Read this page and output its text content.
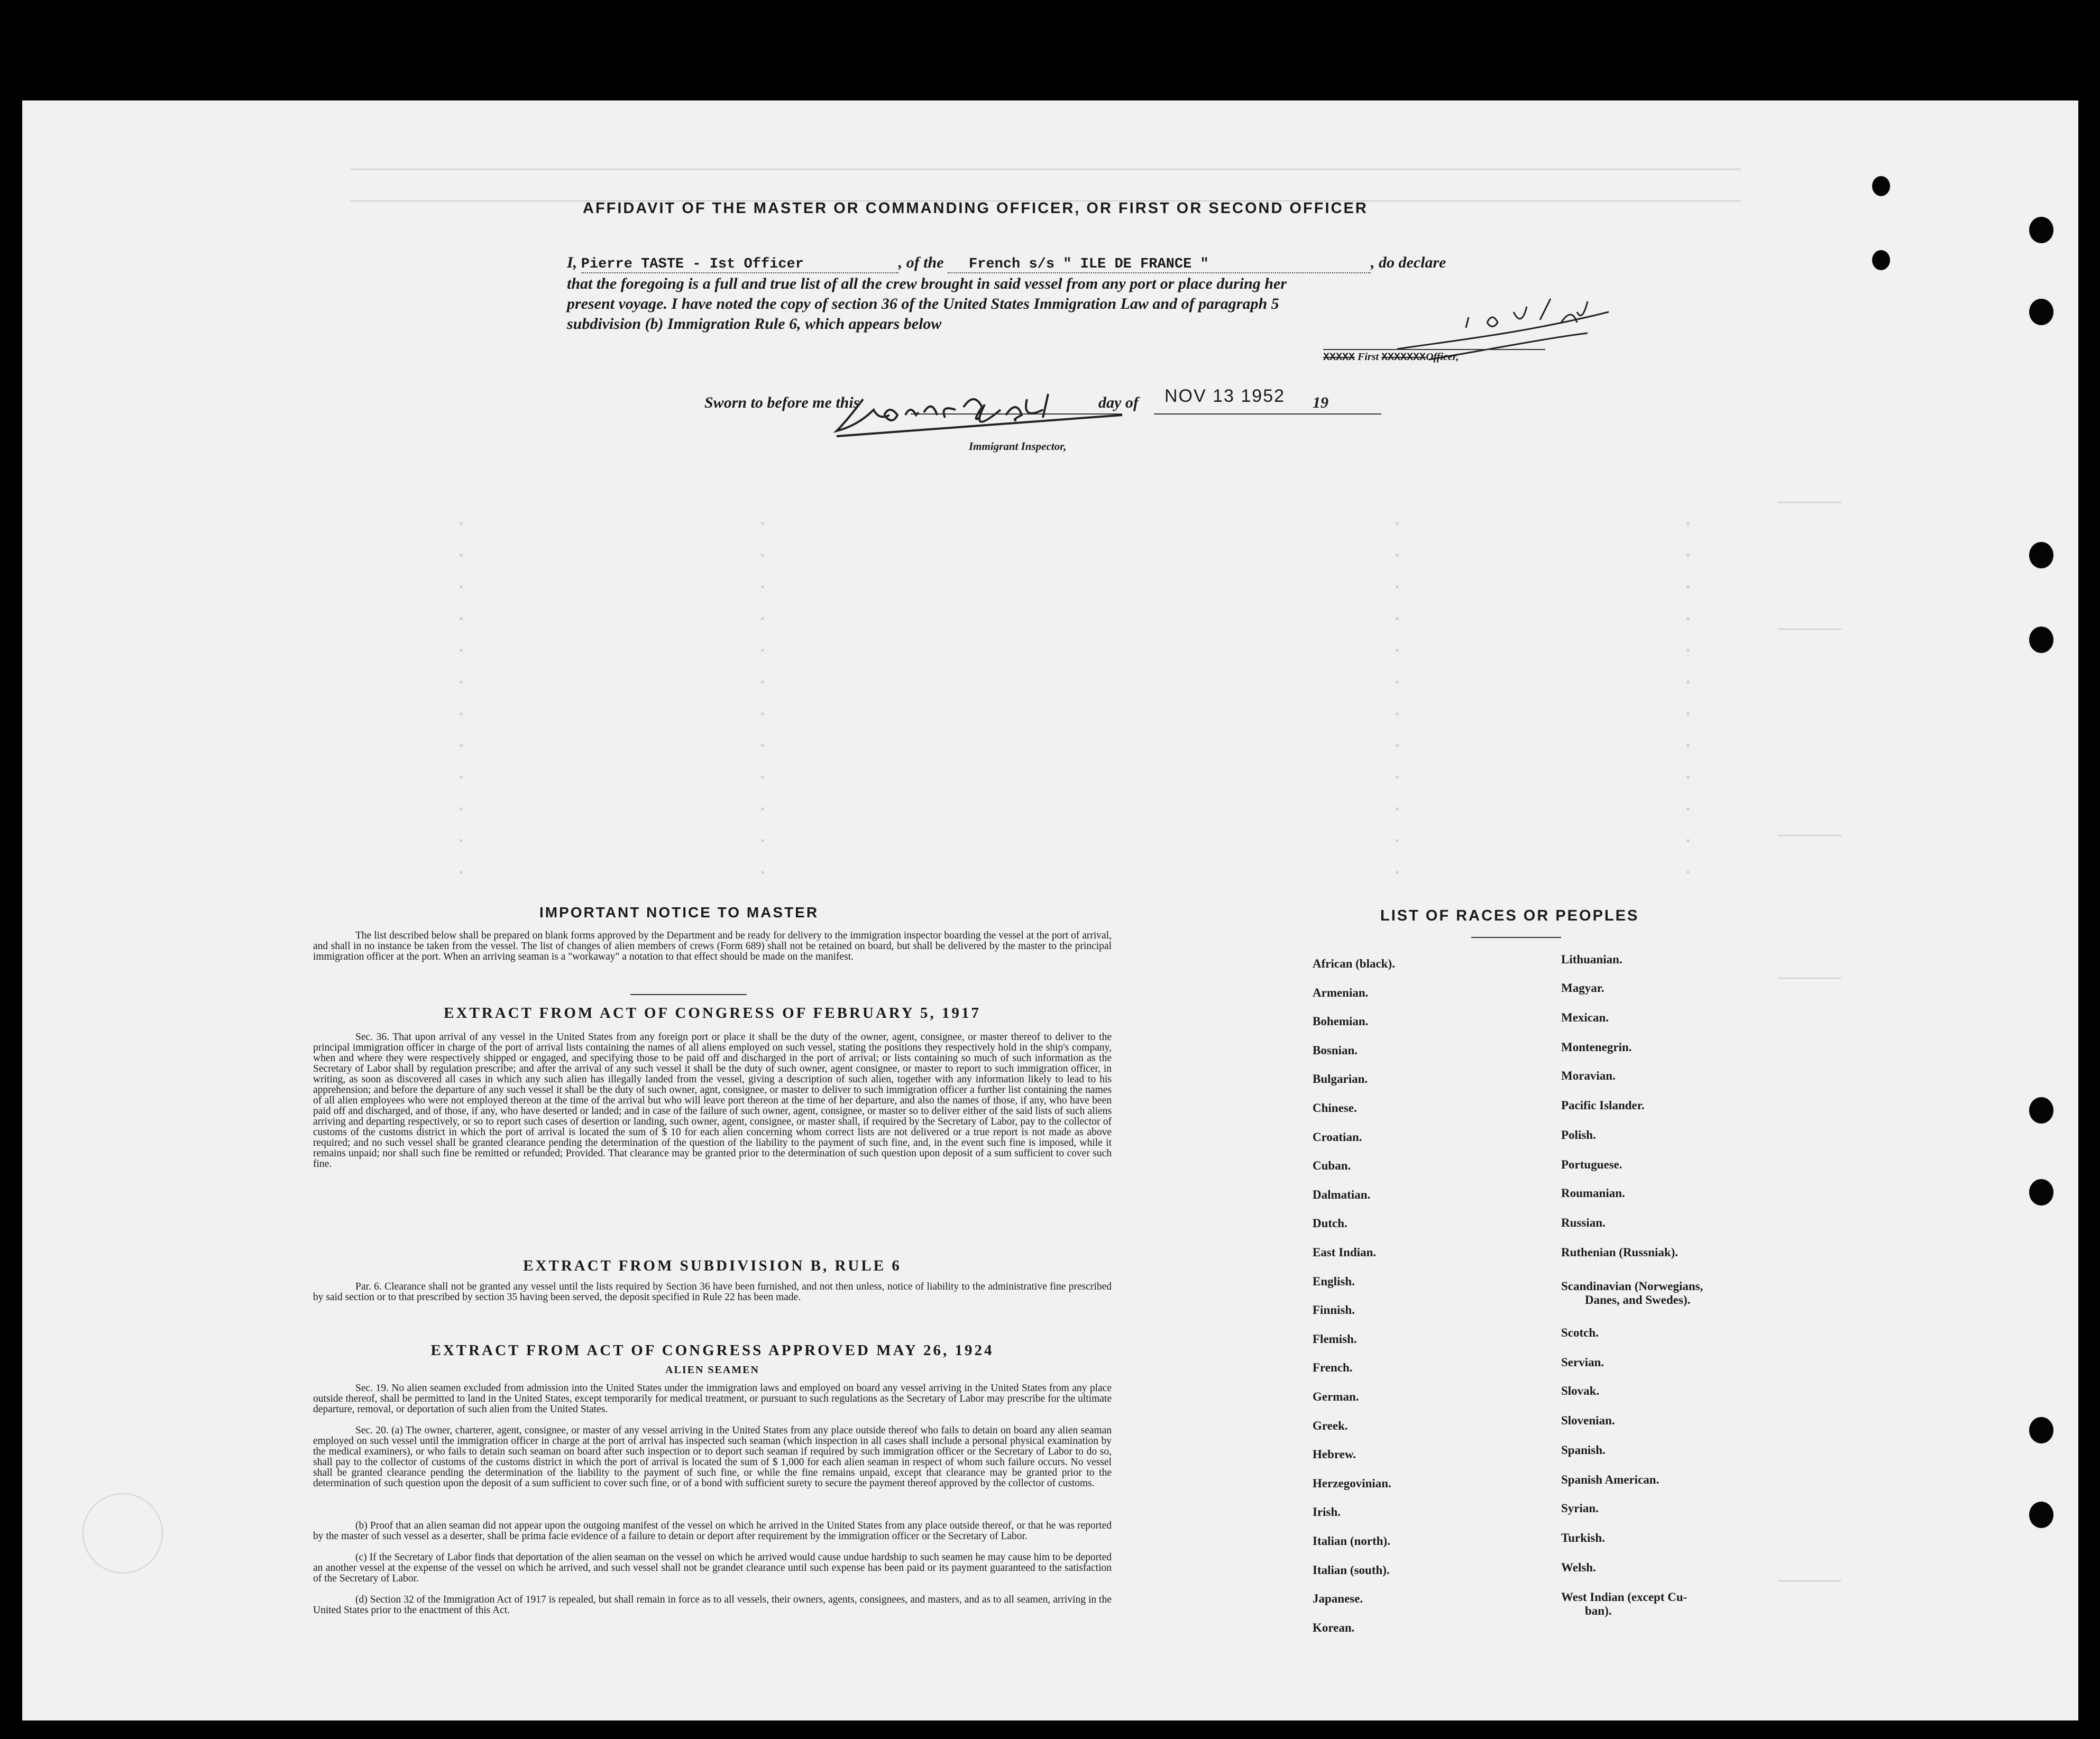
AFFIDAVIT OF THE MASTER OR COMMANDING OFFICER, OR FIRST OR SECOND OFFICER
I, Pierre TASTE - Ist Officer	, of the French s/s " ILE DE FRANCE "	, do declare
that the foregoing is a full and true list of all the crew brought in said vessel from any port or place during her
present voyage. I have noted the copy of section 36 of the United States Immigration Law and of paragraph 5
subdivision (b) Immigration Rule 6, which appears below
XXXXX First XXXXXXXOfficer,
Sworn to before me this	day of NOV 13 1952 19
Immigrant Inspector,
IMPORTANT NOTICE TO MASTER
The list described below shall be prepared on blank forms approved by the Department and be ready for delivery to the immigration inspector boarding the vessel at the port of arrival, and shall in no instance be taken from the vessel. The list of changes of alien members of crews (Form 689) shall not be retained on board, but shall be delivered by the master to the principal immigration officer at the port. When an arriving seaman is a "workaway" a notation to that effect should be made on the manifest.
EXTRACT FROM ACT OF CONGRESS OF FEBRUARY 5, 1917
Sec. 36. That upon arrival of any vessel in the United States from any foreign port or place it shall be the duty of the owner, agent, consignee, or master thereof to deliver to the principal immigration officer in charge of the port of arrival lists containing the names of all aliens employed on such vessel, stating the positions they respectively hold in the ship's company, when and where they were respectively shipped or engaged, and specifying those to be paid off and discharged in the port of arrival; or lists containing so much of such information as the Secretary of Labor shall by regulation prescribe; and after the arrival of any such vessel it shall be the duty of such owner, agent consignee, or master to report to such immigration officer, in writing, as soon as discovered all cases in which any such alien has illegally landed from the vessel, giving a description of such alien, together with any information likely to lead to his apprehension; and before the departure of any such vessel it shall be the duty of such owner, agnt, consignee, or master to deliver to such immigration officer a further list containing the names of all alien employees who were not employed thereon at the time of the arrival but who will leave port thereon at the time of her departure, and also the names of those, if any, who have been paid off and discharged, and of those, if any, who have deserted or landed; and in case of the failure of such owner, agent, consignee, or master so to deliver either of the said lists of such aliens arriving and departing respectively, or so to report such cases of desertion or landing, such owner, agent, consignee, or master shall, if required by the Secretary of Labor, pay to the collector of customs of the customs district in which the port of arrival is located the sum of $ 10 for each alien concerning whom correct lists are not delivered or a true report is not made as above required; and no such vessel shall be granted clearance pending the determination of the question of the liability to the payment of such fine, and, in the event such fine is imposed, while it remains unpaid; nor shall such fine be remitted or refunded; Provided. That clearance may be granted prior to the determination of such question upon deposit of a sum sufficient to cover such fine.
EXTRACT FROM SUBDIVISION B, RULE 6
Par. 6. Clearance shall not be granted any vessel until the lists required by Section 36 have been furnished, and not then unless, notice of liability to the administrative fine prescribed by said section or to that prescribed by section 35 having been served, the deposit specified in Rule 22 has been made.
EXTRACT FROM ACT OF CONGRESS APPROVED MAY 26, 1924
ALIEN SEAMEN
Sec. 19. No alien seamen excluded from admission into the United States under the immigration laws and employed on board any vessel arriving in the United States from any place outside thereof, shall be permitted to land in the United States, except temporarily for medical treatment, or pursuant to such regulations as the Secretary of Labor may prescribe for the ultimate departure, removal, or deportation of such alien from the United States.
Sec. 20. (a) The owner, charterer, agent, consignee, or master of any vessel arriving in the United States from any place outside thereof who fails to detain on board any alien seaman employed on such vessel until the immigration officer in charge at the port of arrival has inspected such seaman (which inspection in all cases shall include a personal physical examination by the medical examiners), or who fails to detain such seaman on board after such inspection or to deport such seaman if required by such immigration officer or the Secretary of Labor to do so, shall pay to the collector of customs of the customs district in which the port of arrival is located the sum of $ 1,000 for each alien seaman in respect of whom such failure occurs. No vessel shall be granted clearance pending the determination of the liability to the payment of such fine, or while the fine remains unpaid, except that clearance may be granted prior to the determination of such question upon the deposit of a sum sufficient to cover such fine, or of a bond with sufficient surety to secure the payment thereof approved by the collector of customs.
(b) Proof that an alien seaman did not appear upon the outgoing manifest of the vessel on which he arrived in the United States from any place outside thereof, or that he was reported by the master of such vessel as a deserter, shall be prima facie evidence of a failure to detain or deport after requirement by the immigration officer or the Secretary of Labor.
(c) If the Secretary of Labor finds that deportation of the alien seaman on the vessel on which he arrived would cause undue hardship to such seamen he may cause him to be deported an another vessel at the expense of the vessel on which he arrived, and such vessel shall not be grandet clearance until such expense has been paid or its payment guaranteed to the satisfaction of the Secretary of Labor.
(d) Section 32 of the Immigration Act of 1917 is repealed, but shall remain in force as to all vessels, their owners, agents, consignees, and masters, and as to all seamen, arriving in the United States prior to the enactment of this Act.
LIST OF RACES OR PEOPLES
African (black).
Armenian.
Bohemian.
Bosnian.
Bulgarian.
Chinese.
Croatian.
Cuban.
Dalmatian.
Dutch.
East Indian.
English.
Finnish.
Flemish.
French.
German.
Greek.
Hebrew.
Herzegovinian.
Irish.
Italian (north).
Italian (south).
Japanese.
Korean.
Lithuanian.
Magyar.
Mexican.
Montenegrin.
Moravian.
Pacific Islander.
Polish.
Portuguese.
Roumanian.
Russian.
Ruthenian (Russniak).
Scandinavian (Norwegians,
Danes, and Swedes).
Scotch.
Servian.
Slovak.
Slovenian.
Spanish.
Spanish American.
Syrian.
Turkish.
Welsh.
West Indian (except Cu-
ban).
